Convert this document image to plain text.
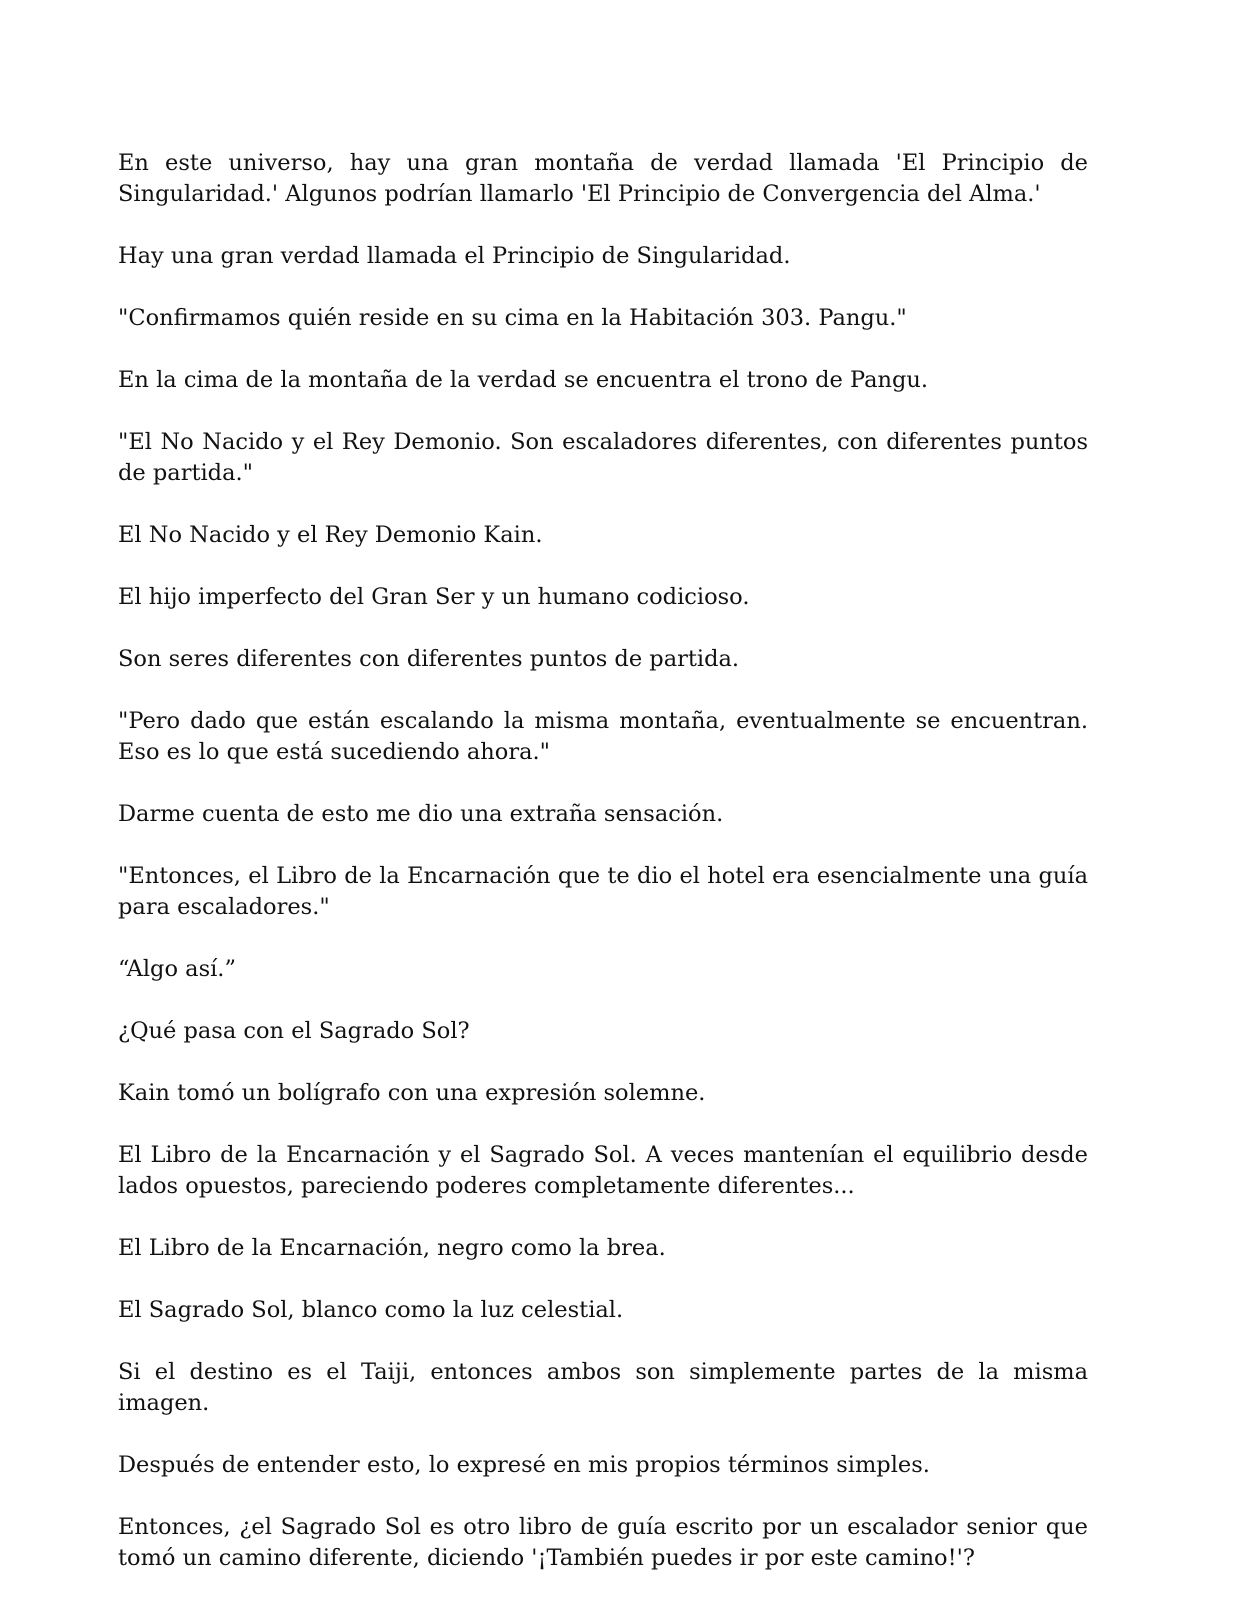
En este universo, hay una gran montaña de verdad llamada 'El Principio de Singularidad.' Algunos podrían llamarlo 'El Principio de Convergencia del Alma.'

Hay una gran verdad llamada el Principio de Singularidad.

"Confirmamos quién reside en su cima en la Habitación 303. Pangu."

En la cima de la montaña de la verdad se encuentra el trono de Pangu.

"El No Nacido y el Rey Demonio. Son escaladores diferentes, con diferentes puntos de partida."

El No Nacido y el Rey Demonio Kain.

El hijo imperfecto del Gran Ser y un humano codicioso.

Son seres diferentes con diferentes puntos de partida.

"Pero dado que están escalando la misma montaña, eventualmente se encuentran. Eso es lo que está sucediendo ahora."

Darme cuenta de esto me dio una extraña sensación.

"Entonces, el Libro de la Encarnación que te dio el hotel era esencialmente una guía para escaladores."

“Algo así.”

¿Qué pasa con el Sagrado Sol?

Kain tomó un bolígrafo con una expresión solemne.

El Libro de la Encarnación y el Sagrado Sol. A veces mantenían el equilibrio desde lados opuestos, pareciendo poderes completamente diferentes...

El Libro de la Encarnación, negro como la brea.

El Sagrado Sol, blanco como la luz celestial.

Si el destino es el Taiji, entonces ambos son simplemente partes de la misma imagen.

Después de entender esto, lo expresé en mis propios términos simples.

Entonces, ¿el Sagrado Sol es otro libro de guía escrito por un escalador senior que tomó un camino diferente, diciendo '¡También puedes ir por este camino!'?
